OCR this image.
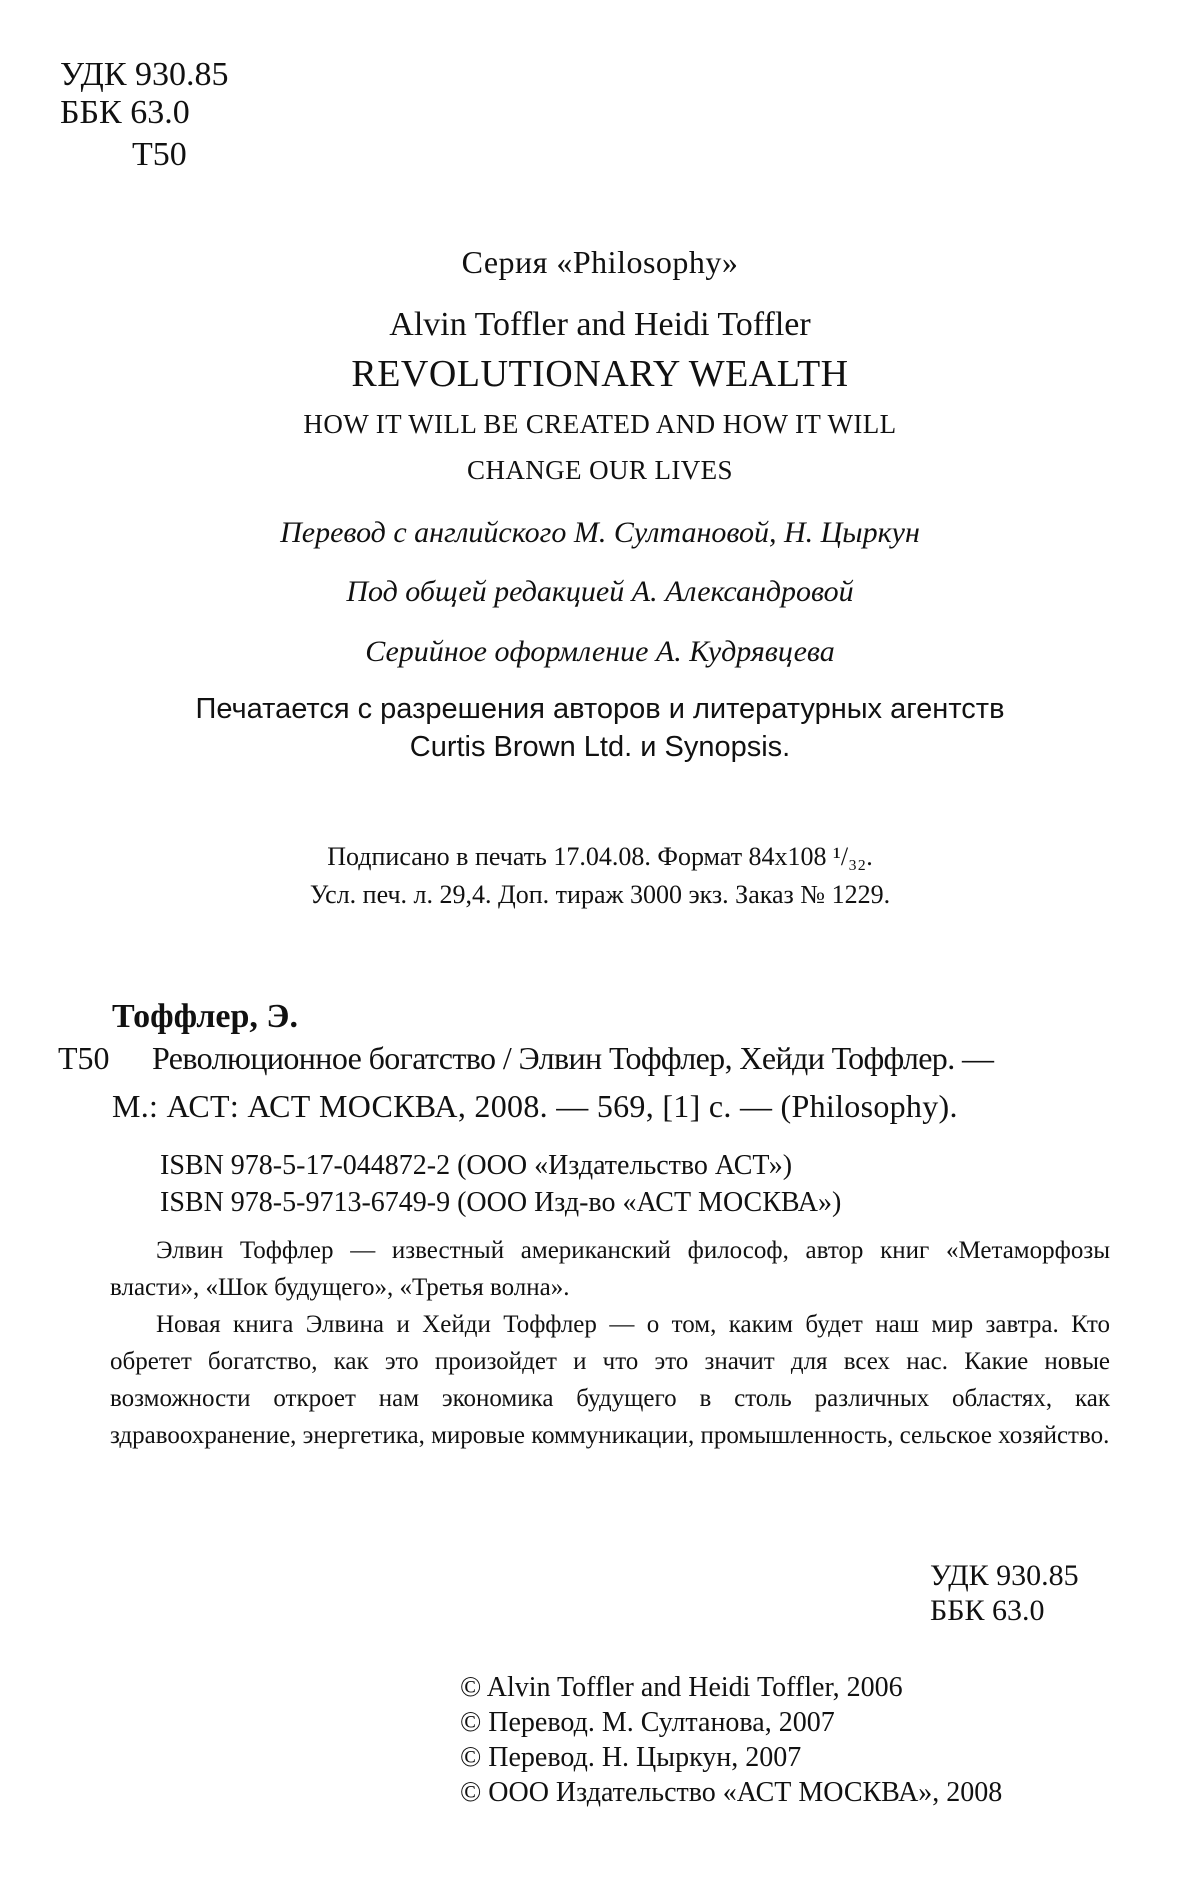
УДК 930.85
ББК 63.0
Т50
Серия «Philosophy»
Alvin Toffler and Heidi Toffler
REVOLUTIONARY WEALTH
HOW IT WILL BE CREATED AND HOW IT WILL
CHANGE OUR LIVES
Перевод с английского М. Султановой, Н. Цыркун
Под общей редакцией А. Александровой
Серийное оформление А. Кудрявцева
Печатается с разрешения авторов и литературных агентств
Curtis Brown Ltd. и Synopsis.
Подписано в печать 17.04.08. Формат 84x108 ¹/₃₂.
Усл. печ. л. 29,4. Доп. тираж 3000 экз. Заказ № 1229.
Тоффлер, Э.
Т50 Революционное богатство / Элвин Тоффлер, Хейди Тоффлер. —
М.: АСТ: АСТ МОСКВА, 2008. — 569, [1] с. — (Philosophy).
ISBN 978-5-17-044872-2 (ООО «Издательство АСТ»)
ISBN 978-5-9713-6749-9 (ООО Изд-во «АСТ МОСКВА»)

Элвин Тоффлер — известный американский философ, автор книг «Метаморфозы власти», «Шок будущего», «Третья волна».

Новая книга Элвина и Хейди Тоффлер — о том, каким будет наш мир завтра. Кто обретет богатство, как это произойдет и что это значит для всех нас. Какие новые возможности откроет нам экономика будущего в столь различных областях, как здравоохранение, энергетика, мировые коммуникации, промышленность, сельское хозяйство.

УДК 930.85
ББК 63.0
© Alvin Toffler and Heidi Toffler, 2006
© Перевод. М. Султанова, 2007
© Перевод. Н. Цыркун, 2007
© ООО Издательство «АСТ МОСКВА», 2008
